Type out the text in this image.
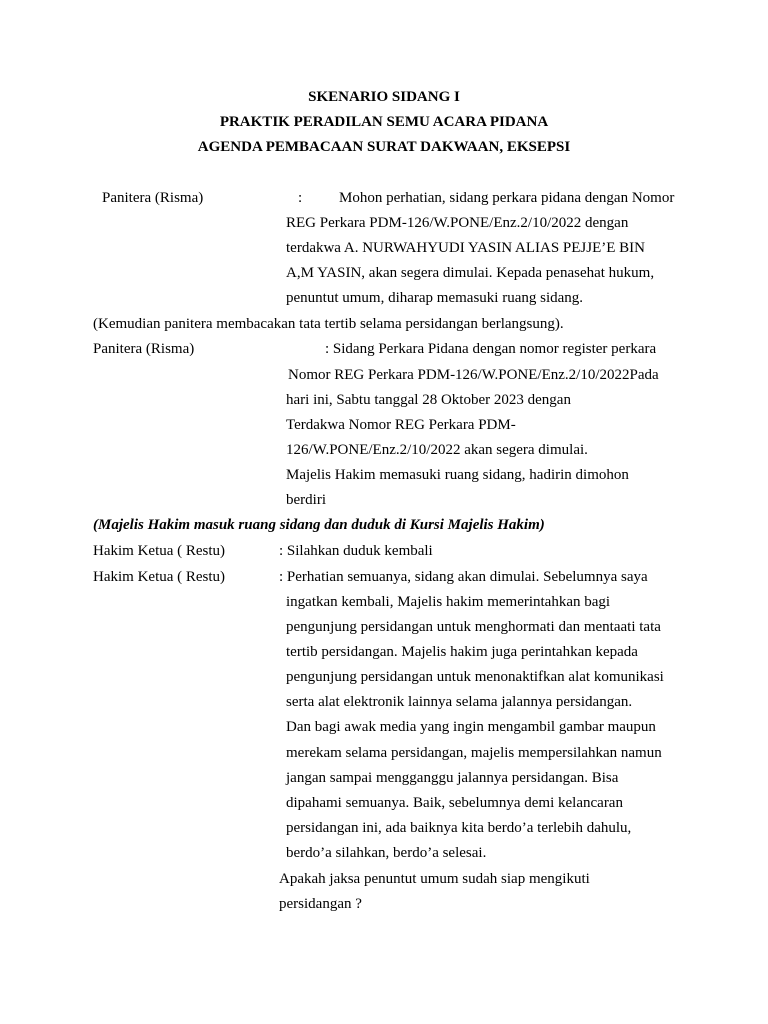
SKENARIO SIDANG I
PRAKTIK PERADILAN SEMU ACARA PIDANA
AGENDA PEMBACAAN SURAT DAKWAAN, EKSEPSI
Panitera (Risma)	: Mohon perhatian, sidang perkara pidana dengan Nomor
REG Perkara PDM-126/W.PONE/Enz.2/10/2022 dengan
terdakwa A. NURWAHYUDI YASIN ALIAS PEJJE’E BIN
A,M YASIN, akan segera dimulai. Kepada penasehat hukum,
penuntut umum, diharap memasuki ruang sidang.
(Kemudian panitera membacakan tata tertib selama persidangan berlangsung).
Panitera (Risma)	: Sidang Perkara Pidana dengan nomor register perkara
Nomor REG Perkara PDM-126/W.PONE/Enz.2/10/2022Pada
hari ini, Sabtu tanggal 28 Oktober 2023 dengan
Terdakwa Nomor REG Perkara PDM-
126/W.PONE/Enz.2/10/2022 akan segera dimulai.
Majelis Hakim memasuki ruang sidang, hadirin dimohon
berdiri
(Majelis Hakim masuk ruang sidang dan duduk di Kursi Majelis Hakim)
Hakim Ketua ( Restu)	: Silahkan duduk kembali
Hakim Ketua ( Restu)	: Perhatian semuanya, sidang akan dimulai. Sebelumnya saya
ingatkan kembali, Majelis hakim memerintahkan bagi
pengunjung persidangan untuk menghormati dan mentaati tata
tertib persidangan. Majelis hakim juga perintahkan kepada
pengunjung persidangan untuk menonaktifkan alat komunikasi
serta alat elektronik lainnya selama jalannya persidangan.
Dan bagi awak media yang ingin mengambil gambar maupun
merekam selama persidangan, majelis mempersilahkan namun
jangan sampai mengganggu jalannya persidangan. Bisa
dipahami semuanya. Baik, sebelumnya demi kelancaran
persidangan ini, ada baiknya kita berdo’a terlebih dahulu,
berdo’a silahkan, berdo’a selesai.
Apakah jaksa penuntut umum sudah siap mengikuti
persidangan ?
